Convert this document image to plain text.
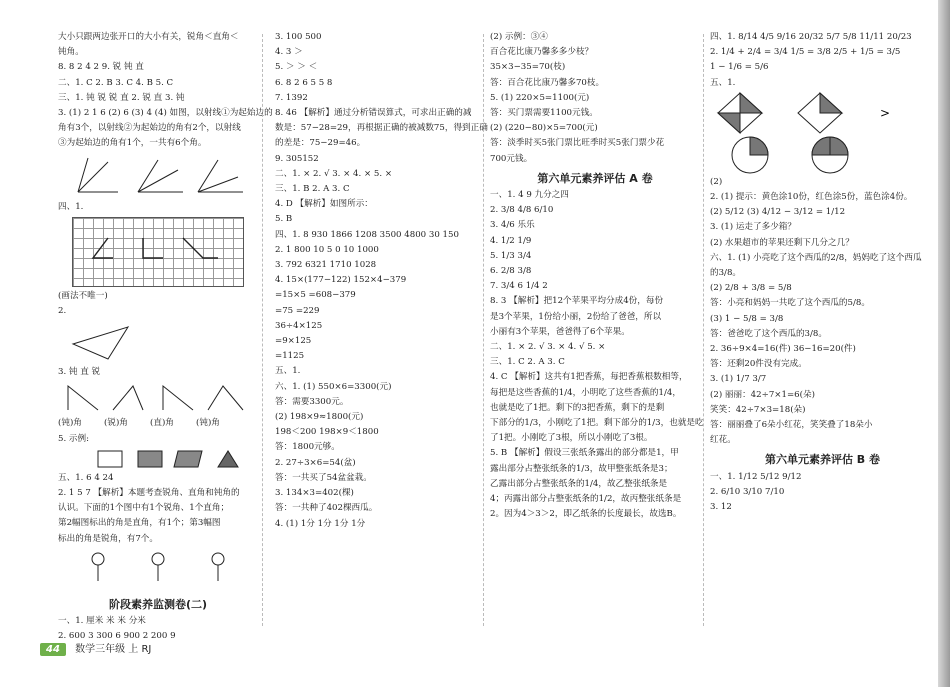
大小只跟两边张开口的大小有关，锐角＜直角＜
钝角。
8. 8 2 4 2 9. 锐 钝 直
二、1. C 2. B 3. C 4. B 5. C
三、1. 钝 锐 锐 直 2. 锐 直 3. 钝
3. (1) 2 1 6 (2) 6 (3) 4 (4) 如图，以射线①为起始边的
角有3个，以射线②为起始边的角有2个，以射线
③为起始边的角有1个，一共有6个角。
四、1.
(画法不唯一)
2.
3. 钝 直 锐
(钝)角	(锐)角	(直)角	(钝)角
5. 示例:
五、1. 6 4 24
2. 1 5 7 【解析】本题考查锐角、直角和钝角的
认识。下面的1个图中有1个锐角、1个直角；
第2幅图标出的角是直角，有1个；第3幅图
标出的角是锐角，有7个。
阶段素养监测卷(二)
一、1. 厘米 米 米 分米
2. 600 3 300 6 900 2 200 9
3. 100 500
4. 3 ＞
5. ＞ ＞ ＜
6. 8 2 6 5 5 8
7. 1392
8. 46 【解析】通过分析错误算式，可求出正确的减
数是：57−28=29，再根据正确的被减数75，得到正确
的差是：75−29=46。
9. 305152
二、1. × 2. √ 3. × 4. × 5. ×
三、1. B 2. A 3. C
4. D 【解析】如图所示：
5. B
四、1. 8 930 1866 1208 3500 4800 30 150
2. 1 800 10 5 0 10 1000
3. 792 6321 1710 1028
4. 15×(177−122) 152×4−379
=15×5 =608−379
=75 =229
36÷4×125
=9×125
=1125
五、1.
六、1. (1) 550×6=3300(元)
答：需要3300元。
(2) 198×9≈1800(元)
198＜200 198×9＜1800
答：1800元够。
2. 27÷3×6=54(盆)
答：一共买了54盆盆栽。
3. 134×3=402(棵)
答：一共种了402棵西瓜。
4. (1) 1分 1分 1分 1分
(2) 示例：③④
百合花比康乃馨多多少枝？
35×3−35=70(枝)
答：百合花比康乃馨多70枝。
5. (1) 220×5=1100(元)
答：买门票需要1100元钱。
(2) (220−80)×5=700(元)
答：淡季时买5张门票比旺季时买5张门票少花
700元钱。
第六单元素养评估 A 卷
一、1. 4 9 九分之四
2. 3/8 4/8 6/10
3. 4/6 乐乐
4. 1/2 1/9
5. 1/3 3/4
6. 2/8 3/8
7. 3/4 6 1/4 2
8. 3 【解析】把12个苹果平均分成4份，每份
是3个苹果，1份给小丽，2份给了爸爸，所以
小丽有3个苹果，爸爸得了6个苹果。
二、1. × 2. √ 3. × 4. √ 5. ×
三、1. C 2. A 3. C
4. C 【解析】这共有1把香蕉，每把香蕉根数相等，
每把是这些香蕉的1/4，小明吃了这些香蕉的1/4，
也就是吃了1把。剩下的3把香蕉，剩下的是剩
下部分的1/3，小刚吃了1把。剩下部分的1/3，也就是吃
了1把。小刚吃了3根，所以小刚吃了3根。
5. B 【解析】假设三张纸条露出的部分都是1，甲
露出部分占整张纸条的1/3，故甲整张纸条是3；
乙露出部分占整张纸条的1/4，故乙整张纸条是
4；丙露出部分占整张纸条的1/2，故丙整张纸条是
2。因为4＞3＞2，即乙纸条的长度最长，故选B。
四、1. 8/14 4/5 9/16 20/32 5/7 5/8 11/11 20/23
2. 1/4 + 2/4 = 3/4 1/5 = 3/8 2/5 + 1/5 = 3/5
1 − 1/6 = 5/6
五、1.
>
(2)
2. (1) 提示：黄色涂10份，红色涂5份，蓝色涂4份。
(2) 5/12 (3) 4/12 − 3/12 = 1/12
3. (1) 运走了多少箱？
(2) 水果超市的苹果还剩下几分之几？
六、1. (1) 小亮吃了这个西瓜的2/8，妈妈吃了这个西瓜
的3/8。
(2) 2/8 + 3/8 = 5/8
答：小亮和妈妈一共吃了这个西瓜的5/8。
(3) 1 − 5/8 = 3/8
答：爸爸吃了这个西瓜的3/8。
2. 36÷9×4=16(件) 36−16=20(件)
答：还剩20件没有完成。
3. (1) 1/7 3/7
(2) 丽丽：42÷7×1=6(朵)
笑笑：42÷7×3=18(朵)
答：丽丽叠了6朵小红花，笑笑叠了18朵小
红花。
第六单元素养评估 B 卷
一、1. 1/12 5/12 9/12
2. 6/10 3/10 7/10
3. 12
44 数学三年级 上 RJ
